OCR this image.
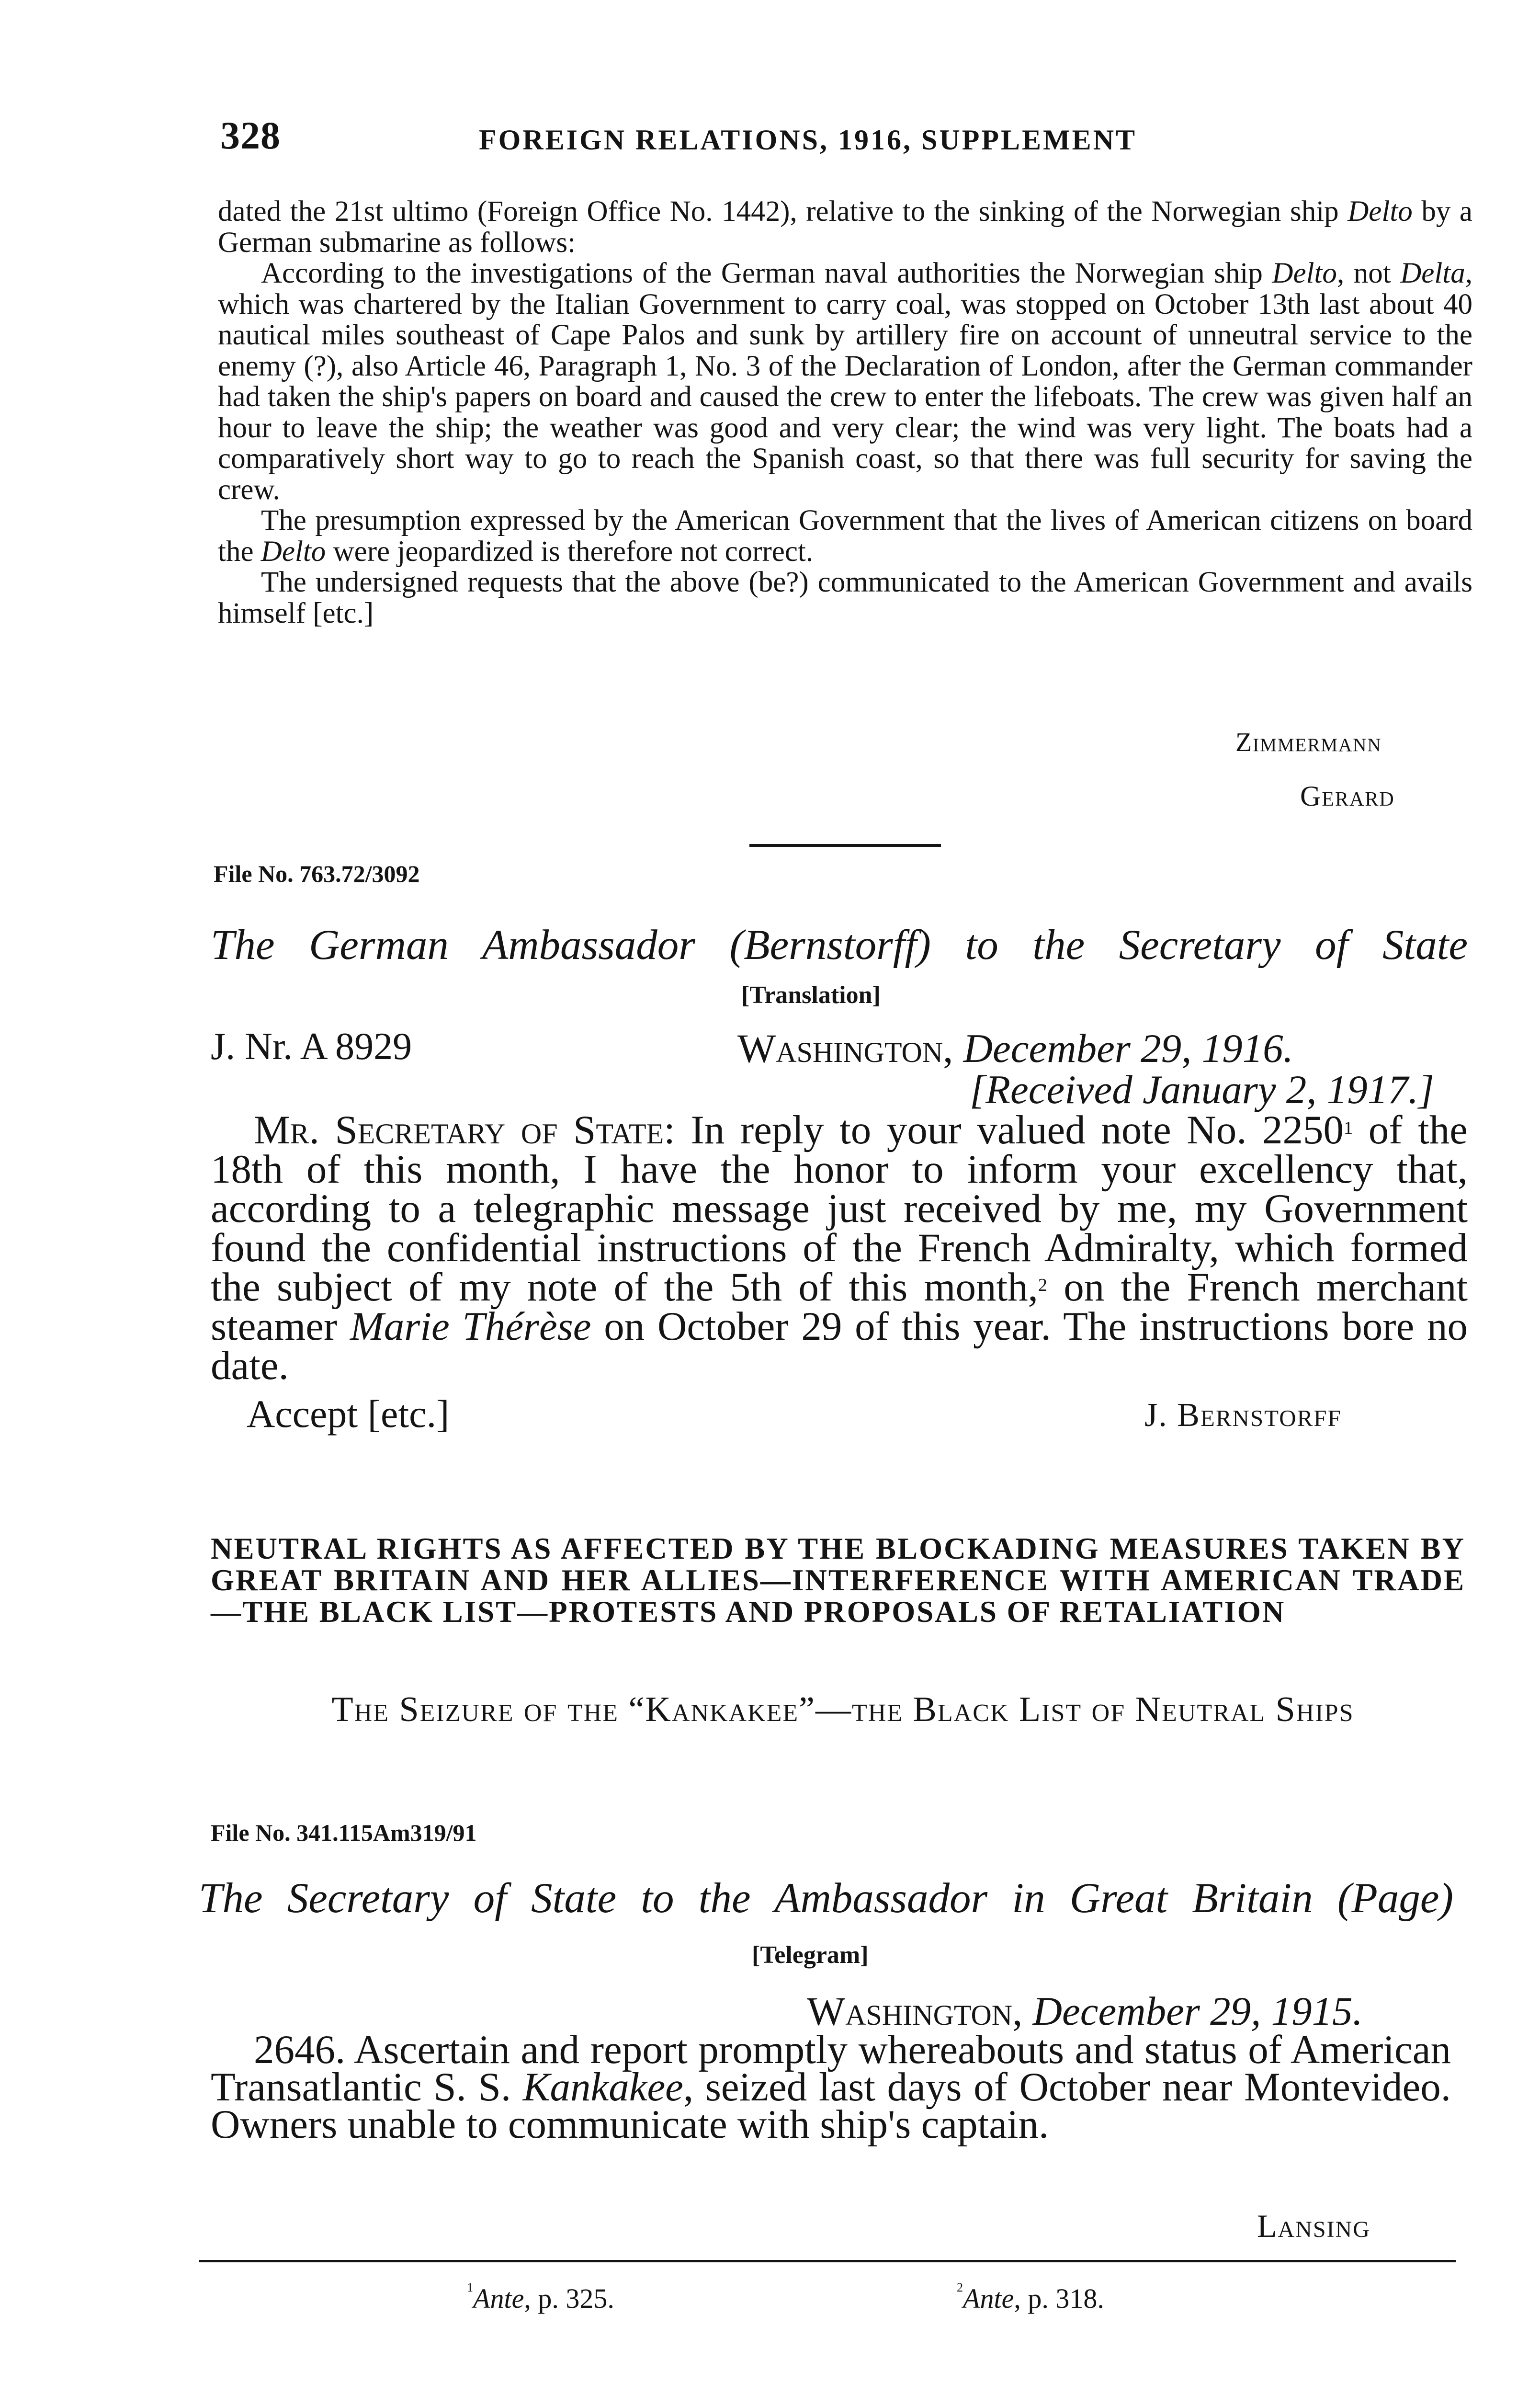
328	FOREIGN RELATIONS, 1916, SUPPLEMENT

dated the 21st ultimo (Foreign Office No. 1442), relative to the sinking of the Norwegian ship Delto by a German submarine as follows:

According to the investigations of the German naval authorities the Norwegian ship Delto, not Delta, which was chartered by the Italian Government to carry coal, was stopped on October 13th last about 40 nautical miles southeast of Cape Palos and sunk by artillery fire on account of unneutral service to the enemy (?), also Article 46, Paragraph 1, No. 3 of the Declaration of London, after the German commander had taken the ship's papers on board and caused the crew to enter the lifeboats. The crew was given half an hour to leave the ship; the weather was good and very clear; the wind was very light. The boats had a comparatively short way to go to reach the Spanish coast, so that there was full security for saving the crew.

The presumption expressed by the American Government that the lives of American citizens on board the Delto were jeopardized is therefore not correct.

The undersigned requests that the above (be?) communicated to the American Government and avails himself [etc.]

Zimmermann
Gerard
File No. 763.72/3092
The German Ambassador (Bernstorff) to the Secretary of State
[Translation]
J. Nr. A 8929	Washington, December 29, 1916.
[Received January 2, 1917.]

Mr. Secretary of State: In reply to your valued note No. 2250$^1$ of the 18th of this month, I have the honor to inform your excellency that, according to a telegraphic message just received by me, my Government found the confidential instructions of the French Admiralty, which formed the subject of my note of the 5th of this month,$^2$ on the French merchant steamer Marie Thérèse on October 29 of this year. The instructions bore no date.

Accept [etc.]	J. Bernstorff
NEUTRAL RIGHTS AS AFFECTED BY THE BLOCKADING MEASURES TAKEN BY GREAT BRITAIN AND HER ALLIES—INTERFERENCE WITH AMERICAN TRADE—THE BLACK LIST—PROTESTS AND PROPOSALS OF RETALIATION
The Seizure of the “Kankakee”—the Black List of Neutral Ships
File No. 341.115Am319/91
The Secretary of State to the Ambassador in Great Britain (Page)
[Telegram]
Washington, December 29, 1915.

2646. Ascertain and report promptly whereabouts and status of American Transatlantic S. S. Kankakee, seized last days of October near Montevideo. Owners unable to communicate with ship's captain.

Lansing
$^1$Ante, p. 325.	$^2$Ante, p. 318.
